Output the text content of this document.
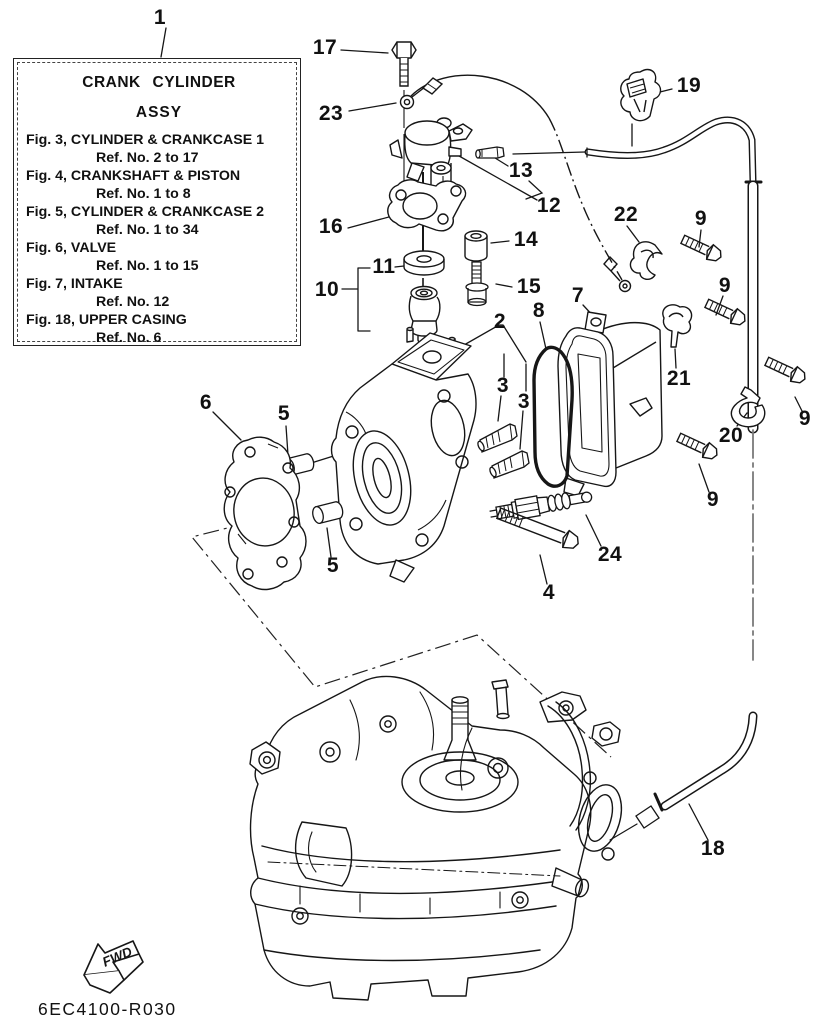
FWD
CRANK CYLINDER
ASSY
Fig. 3, CYLINDER & CRANKCASE 1
Ref. No. 2 to 17
Fig. 4, CRANKSHAFT & PISTON
Ref. No. 1 to 8
Fig. 5, CYLINDER & CRANKCASE 2
Ref. No. 1 to 34
Fig. 6, VALVE
Ref. No. 1 to 15
Fig. 7, INTAKE
Ref. No. 12
Fig. 18, UPPER CASING
Ref. No. 6
1
17
23
13
12
19
16
14
11
10	15
22	9
9
7
2 8
3
3
21
9
20
9
6	5
5	24
4
18
6EC4100-R030
